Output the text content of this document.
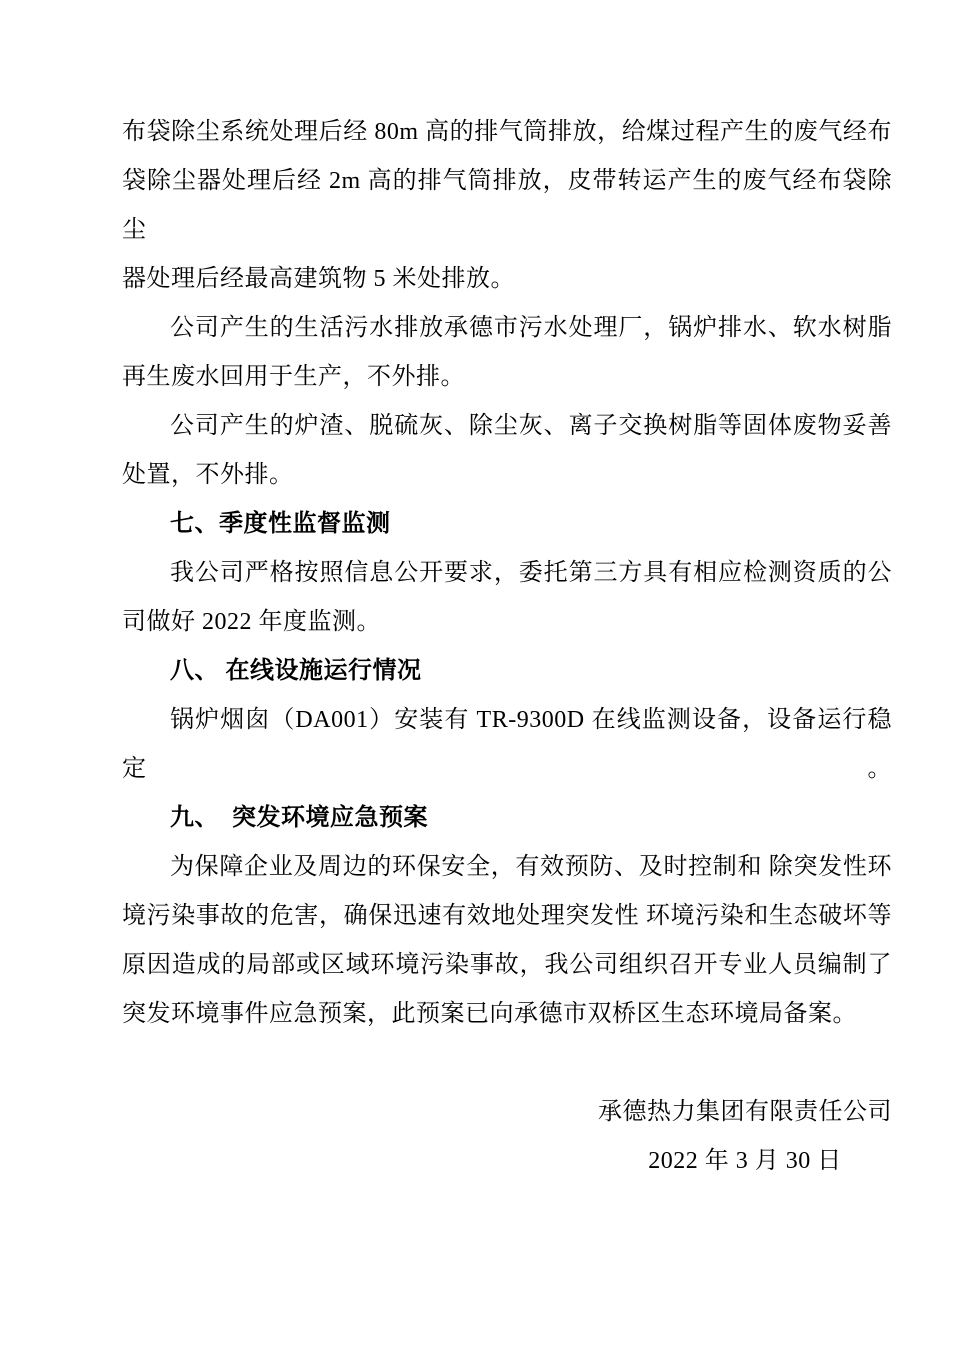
布袋除尘系统处理后经 80m 高的排气筒排放，给煤过程产生的废气经布
袋除尘器处理后经 2m 高的排气筒排放，皮带转运产生的废气经布袋除尘
器处理后经最高建筑物 5 米处排放。
公司产生的生活污水排放承德市污水处理厂，锅炉排水、软水树脂
再生废水回用于生产，不外排。
公司产生的炉渣、脱硫灰、除尘灰、离子交换树脂等固体废物妥善
处置，不外排。
七、季度性监督监测
我公司严格按照信息公开要求，委托第三方具有相应检测资质的公
司做好 2022 年度监测。
八、 在线设施运行情况
锅炉烟囱（DA001）安装有 TR-9300D 在线监测设备，设备运行稳定。
九、  突发环境应急预案
为保障企业及周边的环保安全，有效预防、及时控制和 除突发性环
境污染事故的危害，确保迅速有效地处理突发性 环境污染和生态破坏等
原因造成的局部或区域环境污染事故，我公司组织召开专业人员编制了
突发环境事件应急预案，此预案已向承德市双桥区生态环境局备案。
承德热力集团有限责任公司
2022 年 3 月 30 日
